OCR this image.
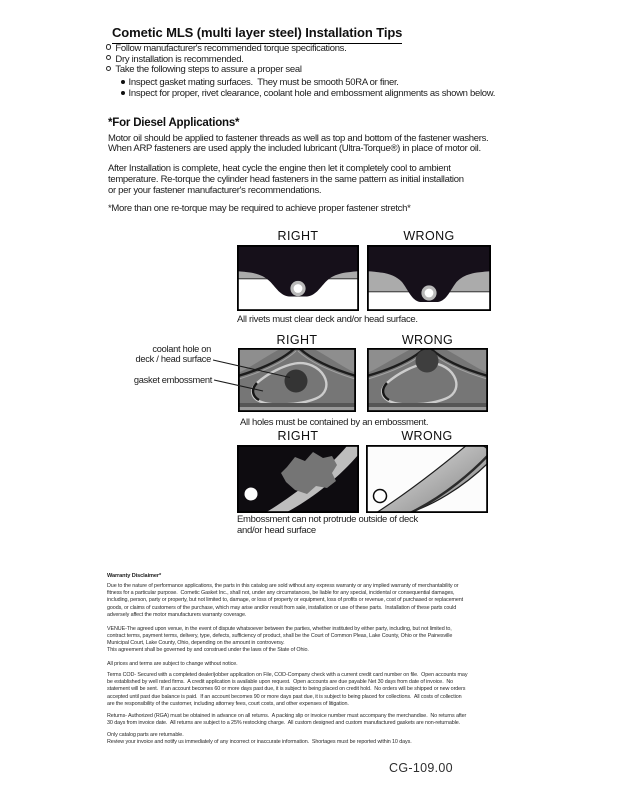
Cometic MLS (multi layer steel) Installation Tips
Follow manufacturer's recommended torque specifications.
Dry installation is recommended.
Take the following steps to assure a proper seal
Inspect gasket mating surfaces.  They must be smooth 50RA or finer.
Inspect for proper, rivet clearance, coolant hole and embossment alignments as shown below.
*For Diesel Applications*
Motor oil should be applied to fastener threads as well as top and bottom of the fastener washers.
When ARP fasteners are used apply the included lubricant (Ultra-Torque®) in place of motor oil.
After Installation is complete, heat cycle the engine then let it completely cool to ambient
temperature. Re-torque the cylinder head fasteners in the same pattern as initial installation
or per your fastener manufacturer's recommendations.
*More than one re-torque may be required to achieve proper fastener stretch*
RIGHT	WRONG
All rivets must clear deck and/or head surface.
RIGHT	WRONG
coolant hole on
deck / head surface
gasket embossment
All holes must be contained by an embossment.
RIGHT	WRONG
Embossment can not protrude outside of deck
and/or head surface
Warranty Disclaimer*
Due to the nature of performance applications, the parts in this catalog are sold without any express warranty or any implied warranty of merchantability or
fitness for a particular purpose.  Cometic Gasket Inc., shall not, under any circumstances, be liable for any special, incidental or consequential damages,
including, person, party or property, but not limited to, damage, or loss of property or equipment, loss of profits or revenue, cost of purchased or replacement
goods, or claims of customers of the purchase, which may arise and/or result from sale, installation or use of these parts.  Installation of these parts could
adversely affect the motor manufacturers warranty coverage.
VENUE-The agreed upon venue, in the event of dispute whatsoever between the parties, whether instituted by either party, including, but not limited to,
contract terms, payment terms, delivery, type, defects, sufficiency of product, shall be the Court of Common Pleas, Lake County, Ohio or the Painesville
Municipal Court, Lake County, Ohio, depending on the amount in controversy.
This agreement shall be governed by and construed under the laws of the State of Ohio.
All prices and terms are subject to change without notice.
Terms COD- Secured with a completed dealer/jobber application on File, COD-Company check with a current credit card number on file.  Open accounts may
be established by well rated firms.  A credit application is available upon request.  Open accounts are due payable Net 30 days from date of invoice.  No
statement will be sent.  If an account becomes 60 or more days past due, it is subject to being placed on credit hold.  No orders will be shipped or new orders
accepted until past due balance is paid.  If an account becomes 90 or more days past due, it is subject to being placed for collections.  All costs of collection
are the responsibility of the customer, including attorney fees, court costs, and other expenses of litigation.
Returns- Authorized (RGA) must be obtained in advance on all returns.  A packing slip or invoice number must accompany the merchandise.  No returns after
30 days from invoice date.  All returns are subject to a 25% restocking charge.  All custom designed and custom manufactured gaskets are non-returnable.
Only catalog parts are returnable.
Review your invoice and notify us immediately of any incorrect or inaccurate information.  Shortages must be reported within 10 days.
CG-109.00
